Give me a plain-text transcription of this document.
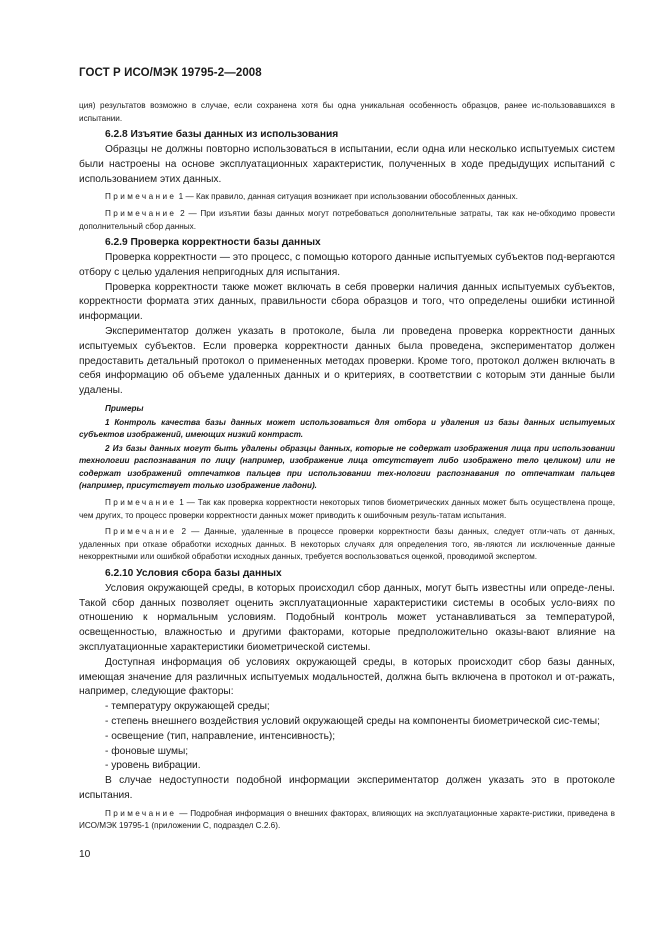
ГОСТ Р ИСО/МЭК 19795-2—2008

ция) результатов возможно в случае, если сохранена хотя бы одна уникальная особенность образцов, ранее ис-пользовавшихся в испытании.

6.2.8 Изъятие базы данных из использования

Образцы не должны повторно использоваться в испытании, если одна или несколько испытуемых систем были настроены на основе эксплуатационных характеристик, полученных в ходе предыдущих испытаний с использованием этих данных.

Примечание 1 — Как правило, данная ситуация возникает при использовании обособленных данных.

Примечание 2 — При изъятии базы данных могут потребоваться дополнительные затраты, так как не-обходимо провести дополнительный сбор данных.

6.2.9 Проверка корректности базы данных

Проверка корректности — это процесс, с помощью которого данные испытуемых субъектов под-вергаются отбору с целью удаления непригодных для испытания.

Проверка корректности также может включать в себя проверки наличия данных испытуемых субъектов, корректности формата этих данных, правильности сбора образцов и того, что определены ошибки истинной информации.

Экспериментатор должен указать в протоколе, была ли проведена проверка корректности данных испытуемых субъектов. Если проверка корректности данных была проведена, экспериментатор должен предоставить детальный протокол о примененных методах проверки. Кроме того, протокол должен включать в себя информацию об объеме удаленных данных и о критериях, в соответствии с которым эти данные были удалены.

Примеры

1 Контроль качества базы данных может использоваться для отбора и удаления из базы данных испытуемых субъектов изображений, имеющих низкий контраст.

2 Из базы данных могут быть удалены образцы данных, которые не содержат изображения лица при использовании технологии распознавания по лицу (например, изображение лица отсутствует либо изображено тело целиком) или не содержат изображений отпечатков пальцев при использовании тех-нологии распознавания по отпечаткам пальцев (например, присутствует только изображение ладони).

Примечание 1 — Так как проверка корректности некоторых типов биометрических данных может быть осуществлена проще, чем других, то процесс проверки корректности данных может приводить к ошибочным резуль-татам испытания.

Примечание 2 — Данные, удаленные в процессе проверки корректности базы данных, следует отли-чать от данных, удаленных при отказе обработки исходных данных. В некоторых случаях для определения того, яв-ляются ли исключенные данные некорректными или ошибкой обработки исходных данных, требуется воспользоваться оценкой, проводимой экспертом.

6.2.10 Условия сбора базы данных

Условия окружающей среды, в которых происходил сбор данных, могут быть известны или опреде-лены. Такой сбор данных позволяет оценить эксплуатационные характеристики системы в особых усло-виях по отношению к нормальным условиям. Подобный контроль может устанавливаться за температурой, освещенностью, влажностью и другими факторами, которые предположительно оказы-вают влияние на эксплуатационные характеристики биометрической системы.

Доступная информация об условиях окружающей среды, в которых происходит сбор базы данных, имеющая значение для различных испытуемых модальностей, должна быть включена в протокол и от-ражать, например, следующие факторы:

- температуру окружающей среды;

- степень внешнего воздействия условий окружающей среды на компоненты биометрической сис-темы;

- освещение (тип, направление, интенсивность);

- фоновые шумы;

- уровень вибрации.

В случае недоступности подобной информации экспериментатор должен указать это в протоколе испытания.

Примечание — Подробная информация о внешних факторах, влияющих на эксплуатационные характе-ристики, приведена в ИСО/МЭК 19795-1 (приложении С, подраздел С.2.6).

10
